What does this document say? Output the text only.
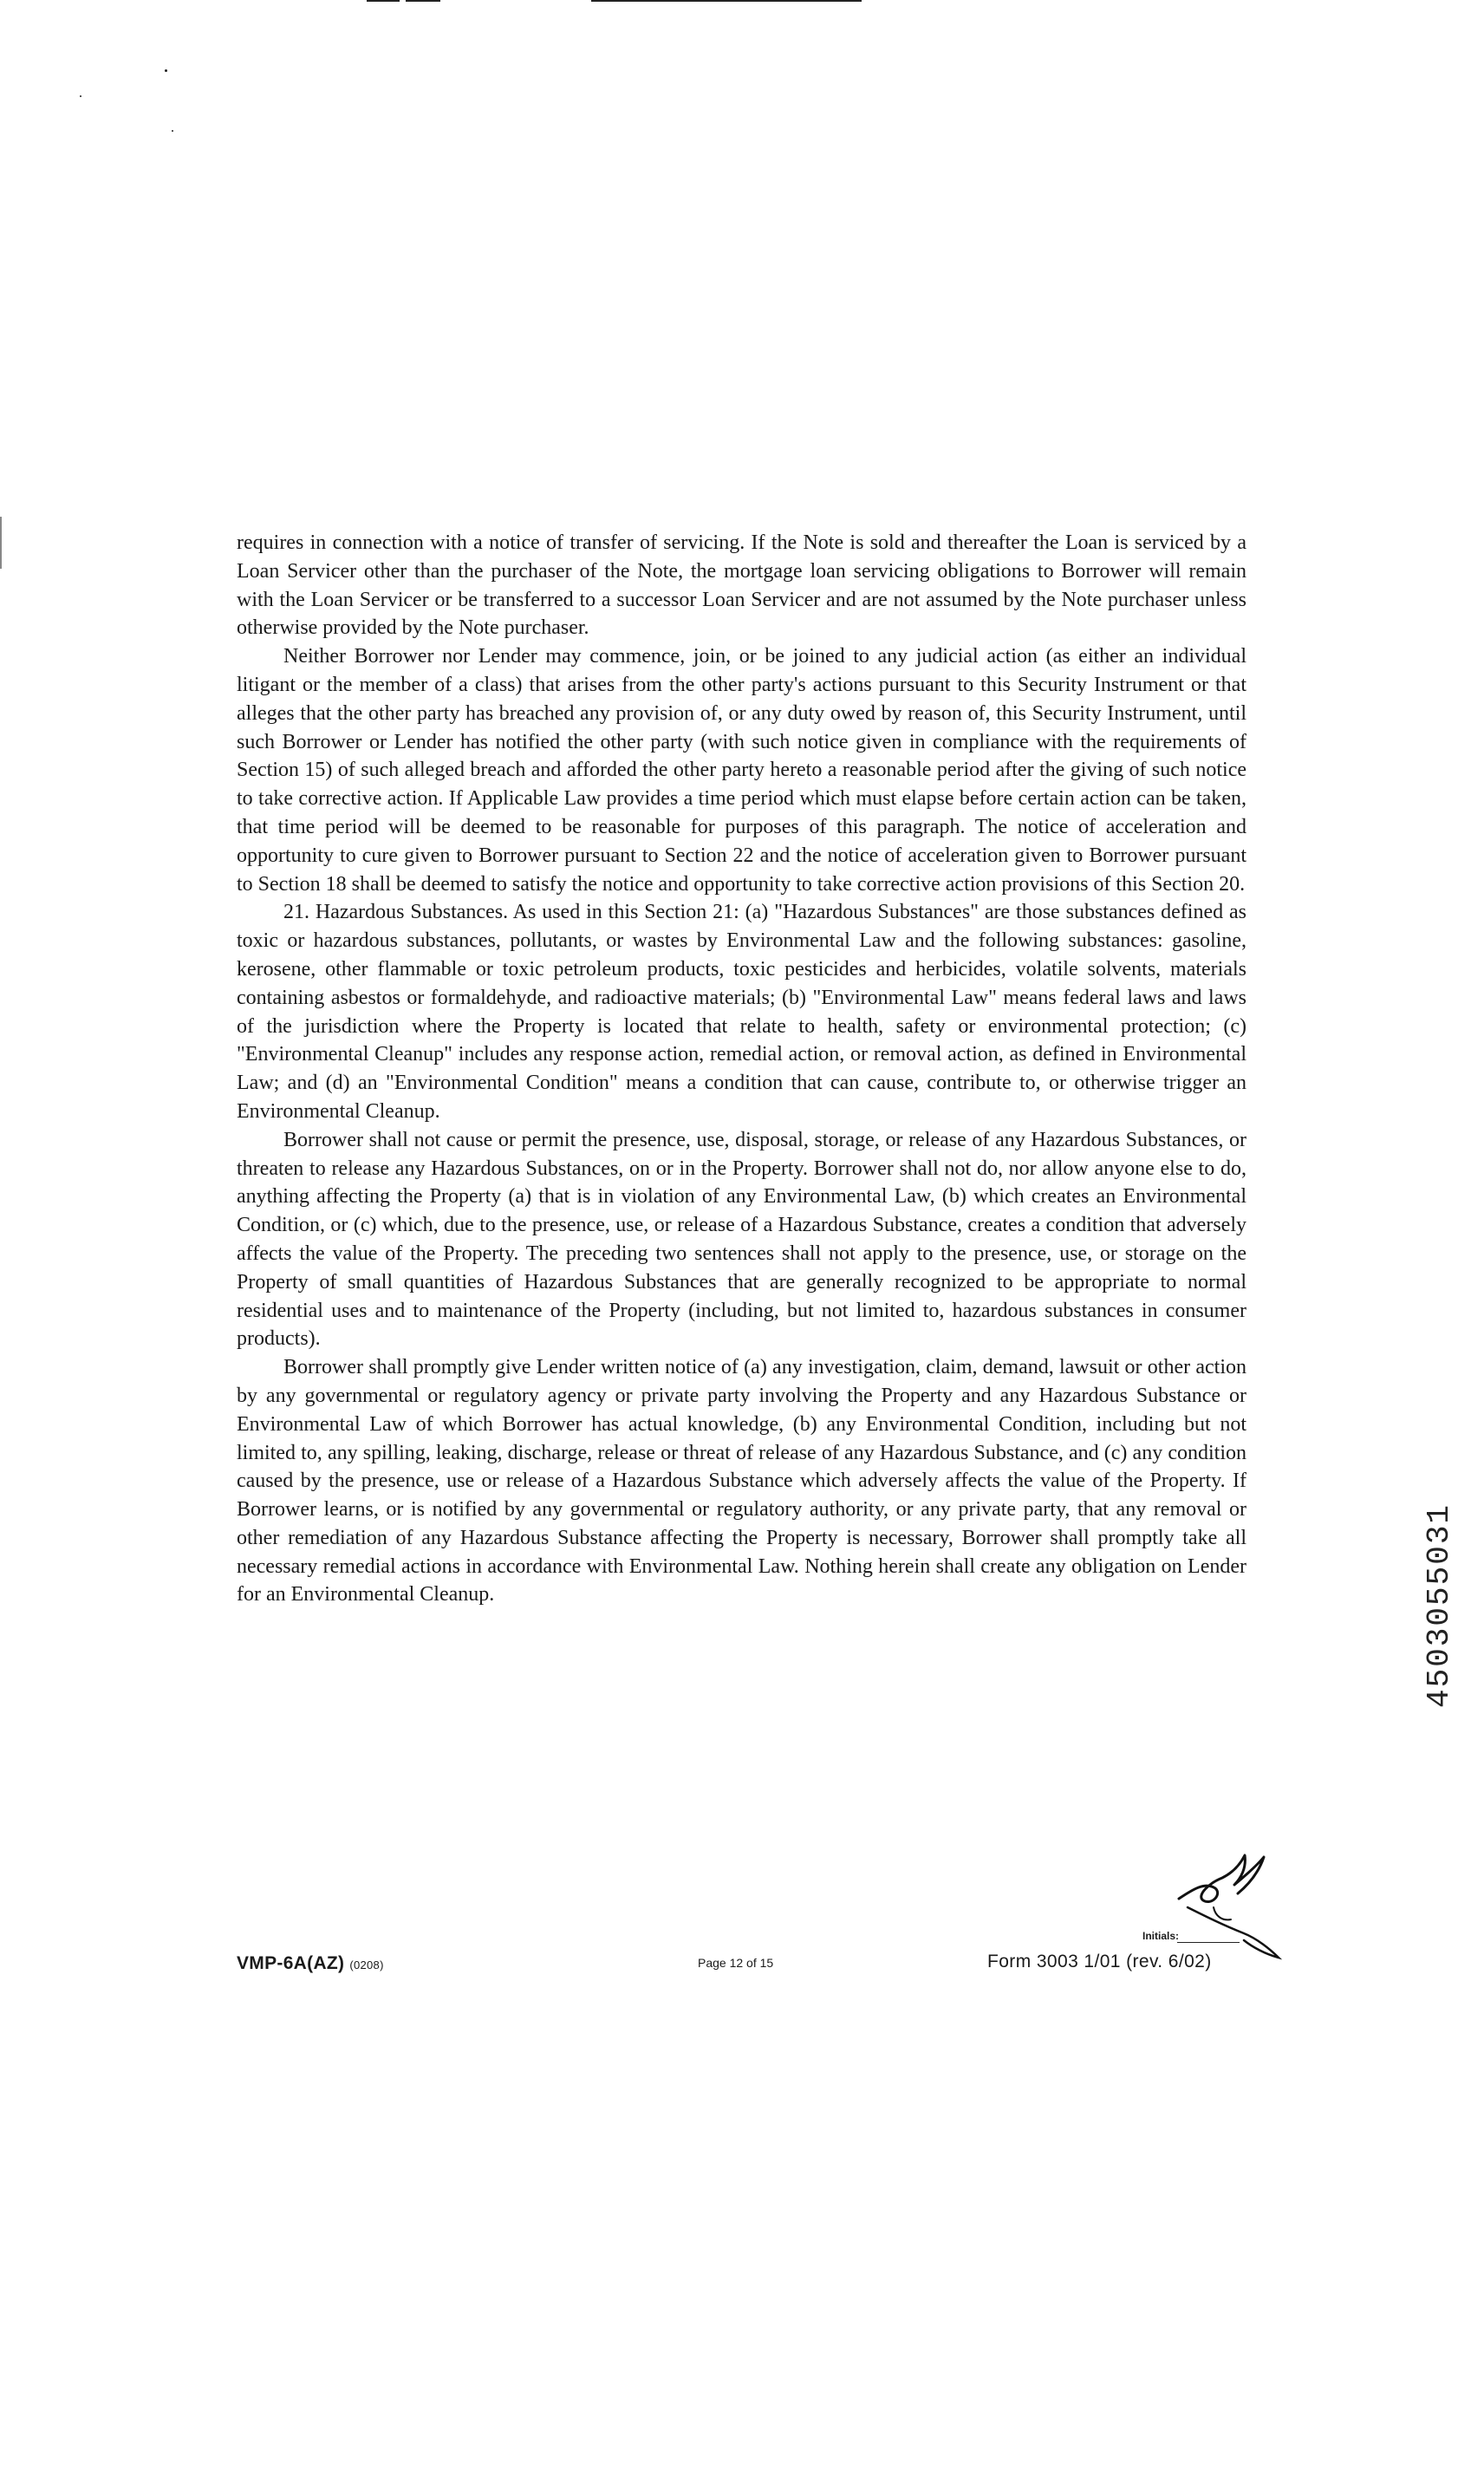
requires in connection with a notice of transfer of servicing. If the Note is sold and thereafter the Loan is serviced by a Loan Servicer other than the purchaser of the Note, the mortgage loan servicing obligations to Borrower will remain with the Loan Servicer or be transferred to a successor Loan Servicer and are not assumed by the Note purchaser unless otherwise provided by the Note purchaser.

Neither Borrower nor Lender may commence, join, or be joined to any judicial action (as either an individual litigant or the member of a class) that arises from the other party's actions pursuant to this Security Instrument or that alleges that the other party has breached any provision of, or any duty owed by reason of, this Security Instrument, until such Borrower or Lender has notified the other party (with such notice given in compliance with the requirements of Section 15) of such alleged breach and afforded the other party hereto a reasonable period after the giving of such notice to take corrective action. If Applicable Law provides a time period which must elapse before certain action can be taken, that time period will be deemed to be reasonable for purposes of this paragraph. The notice of acceleration and opportunity to cure given to Borrower pursuant to Section 22 and the notice of acceleration given to Borrower pursuant to Section 18 shall be deemed to satisfy the notice and opportunity to take corrective action provisions of this Section 20.

21. Hazardous Substances. As used in this Section 21: (a) "Hazardous Substances" are those substances defined as toxic or hazardous substances, pollutants, or wastes by Environmental Law and the following substances: gasoline, kerosene, other flammable or toxic petroleum products, toxic pesticides and herbicides, volatile solvents, materials containing asbestos or formaldehyde, and radioactive materials; (b) "Environmental Law" means federal laws and laws of the jurisdiction where the Property is located that relate to health, safety or environmental protection; (c) "Environmental Cleanup" includes any response action, remedial action, or removal action, as defined in Environmental Law; and (d) an "Environmental Condition" means a condition that can cause, contribute to, or otherwise trigger an Environmental Cleanup.

Borrower shall not cause or permit the presence, use, disposal, storage, or release of any Hazardous Substances, or threaten to release any Hazardous Substances, on or in the Property. Borrower shall not do, nor allow anyone else to do, anything affecting the Property (a) that is in violation of any Environmental Law, (b) which creates an Environmental Condition, or (c) which, due to the presence, use, or release of a Hazardous Substance, creates a condition that adversely affects the value of the Property. The preceding two sentences shall not apply to the presence, use, or storage on the Property of small quantities of Hazardous Substances that are generally recognized to be appropriate to normal residential uses and to maintenance of the Property (including, but not limited to, hazardous substances in consumer products).

Borrower shall promptly give Lender written notice of (a) any investigation, claim, demand, lawsuit or other action by any governmental or regulatory agency or private party involving the Property and any Hazardous Substance or Environmental Law of which Borrower has actual knowledge, (b) any Environmental Condition, including but not limited to, any spilling, leaking, discharge, release or threat of release of any Hazardous Substance, and (c) any condition caused by the presence, use or release of a Hazardous Substance which adversely affects the value of the Property. If Borrower learns, or is notified by any governmental or regulatory authority, or any private party, that any removal or other remediation of any Hazardous Substance affecting the Property is necessary, Borrower shall promptly take all necessary remedial actions in accordance with Environmental Law. Nothing herein shall create any obligation on Lender for an Environmental Cleanup.

Initials:
VMP-6A(AZ) (0208)	Page 12 of 15	Form 3003 1/01 (rev. 6/02)
4503055031
